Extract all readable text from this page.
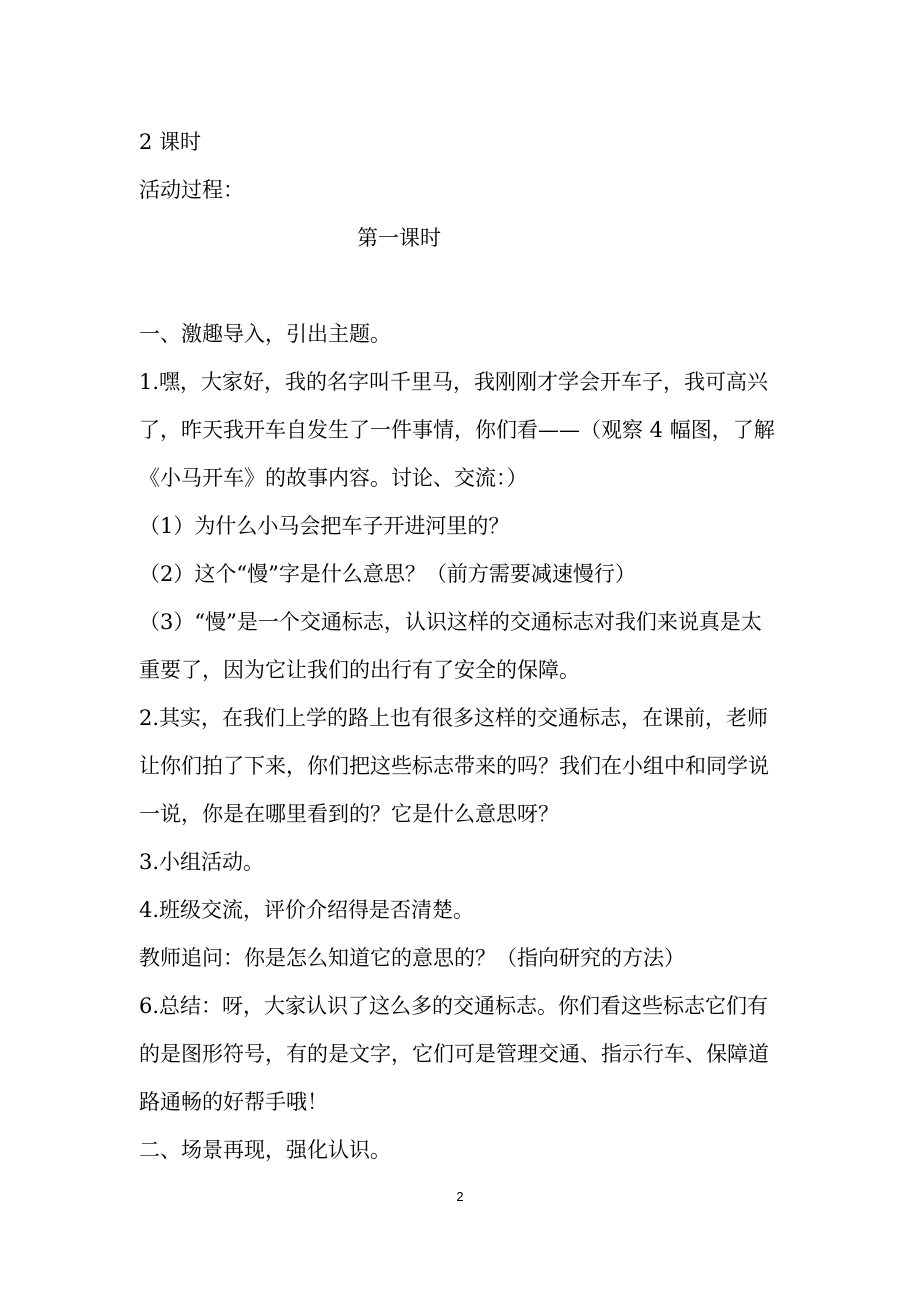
2 课时

活动过程：

第一课时

一、激趣导入，引出主题。

1.嘿，大家好，我的名字叫千里马，我刚刚才学会开车子，我可高兴

了，昨天我开车自发生了一件事情，你们看——（观察 4 幅图，了解

《小马开车》的故事内容。讨论、交流：）

（1）为什么小马会把车子开进河里的？

（2）这个“慢”字是什么意思？（前方需要减速慢行）

（3）“慢”是一个交通标志，认识这样的交通标志对我们来说真是太

重要了，因为它让我们的出行有了安全的保障。

2.其实，在我们上学的路上也有很多这样的交通标志，在课前，老师

让你们拍了下来，你们把这些标志带来的吗？我们在小组中和同学说

一说，你是在哪里看到的？它是什么意思呀？

3.小组活动。

4.班级交流，评价介绍得是否清楚。

教师追问：你是怎么知道它的意思的？（指向研究的方法）

6.总结：呀，大家认识了这么多的交通标志。你们看这些标志它们有

的是图形符号，有的是文字，它们可是管理交通、指示行车、保障道

路通畅的好帮手哦！

二、场景再现，强化认识。

2
